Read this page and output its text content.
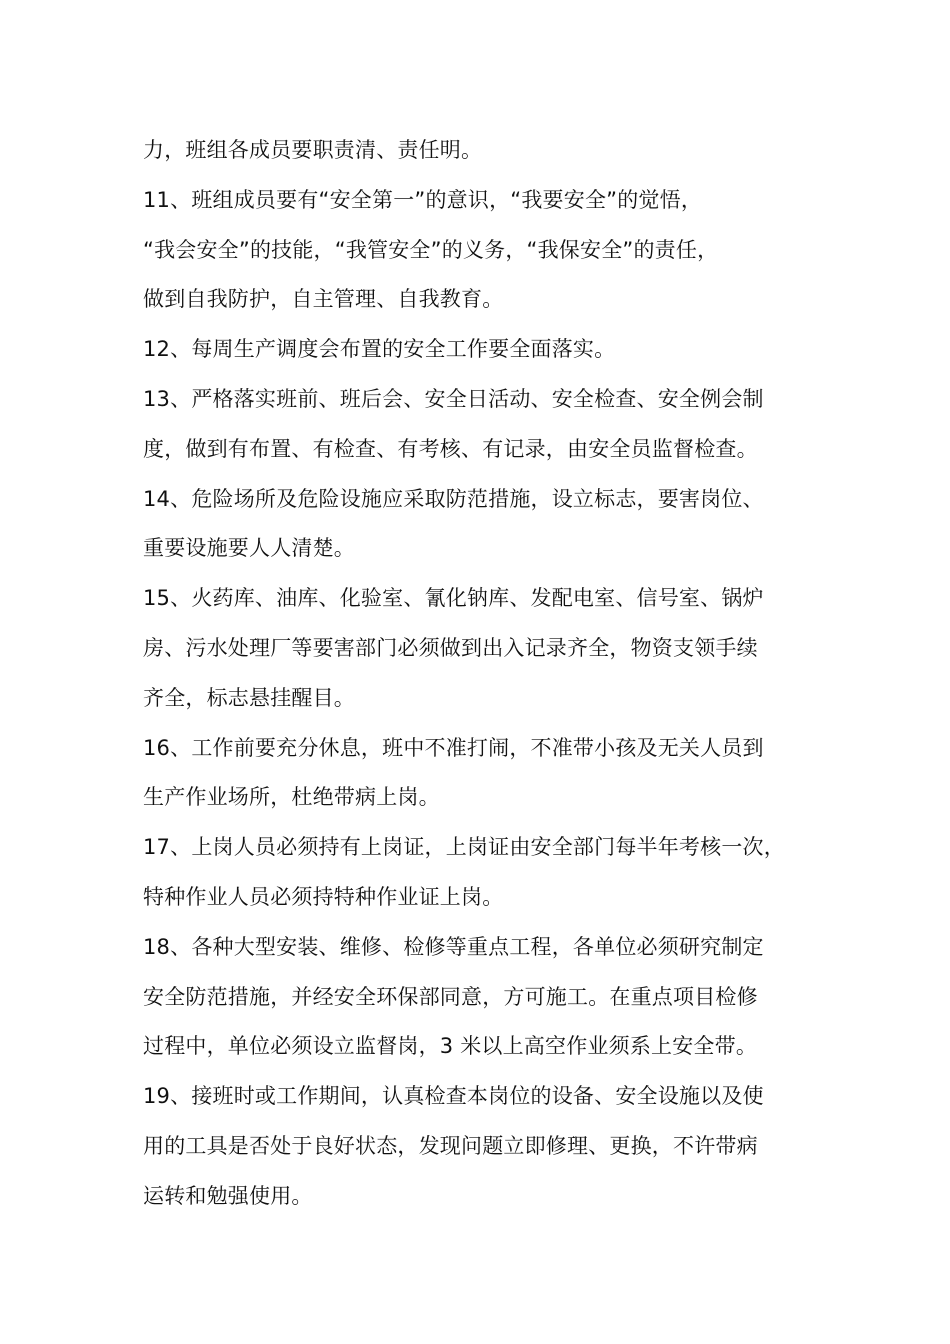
力，班组各成员要职责清、责任明。
11、班组成员要有“安全第一”的意识，“我要安全”的觉悟，
“我会安全”的技能，“我管安全”的义务，“我保安全”的责任，
做到自我防护，自主管理、自我教育。
12、每周生产调度会布置的安全工作要全面落实。
13、严格落实班前、班后会、安全日活动、安全检查、安全例会制
度，做到有布置、有检查、有考核、有记录，由安全员监督检查。
14、危险场所及危险设施应采取防范措施，设立标志，要害岗位、
重要设施要人人清楚。
15、火药库、油库、化验室、氰化钠库、发配电室、信号室、锅炉
房、污水处理厂等要害部门必须做到出入记录齐全，物资支领手续
齐全，标志悬挂醒目。
16、工作前要充分休息，班中不准打闹，不准带小孩及无关人员到
生产作业场所，杜绝带病上岗。
17、上岗人员必须持有上岗证，上岗证由安全部门每半年考核一次，
特种作业人员必须持特种作业证上岗。
18、各种大型安装、维修、检修等重点工程，各单位必须研究制定
安全防范措施，并经安全环保部同意，方可施工。在重点项目检修
过程中，单位必须设立监督岗，3 米以上高空作业须系上安全带。
19、接班时或工作期间，认真检查本岗位的设备、安全设施以及使
用的工具是否处于良好状态，发现问题立即修理、更换，不许带病
运转和勉强使用。
